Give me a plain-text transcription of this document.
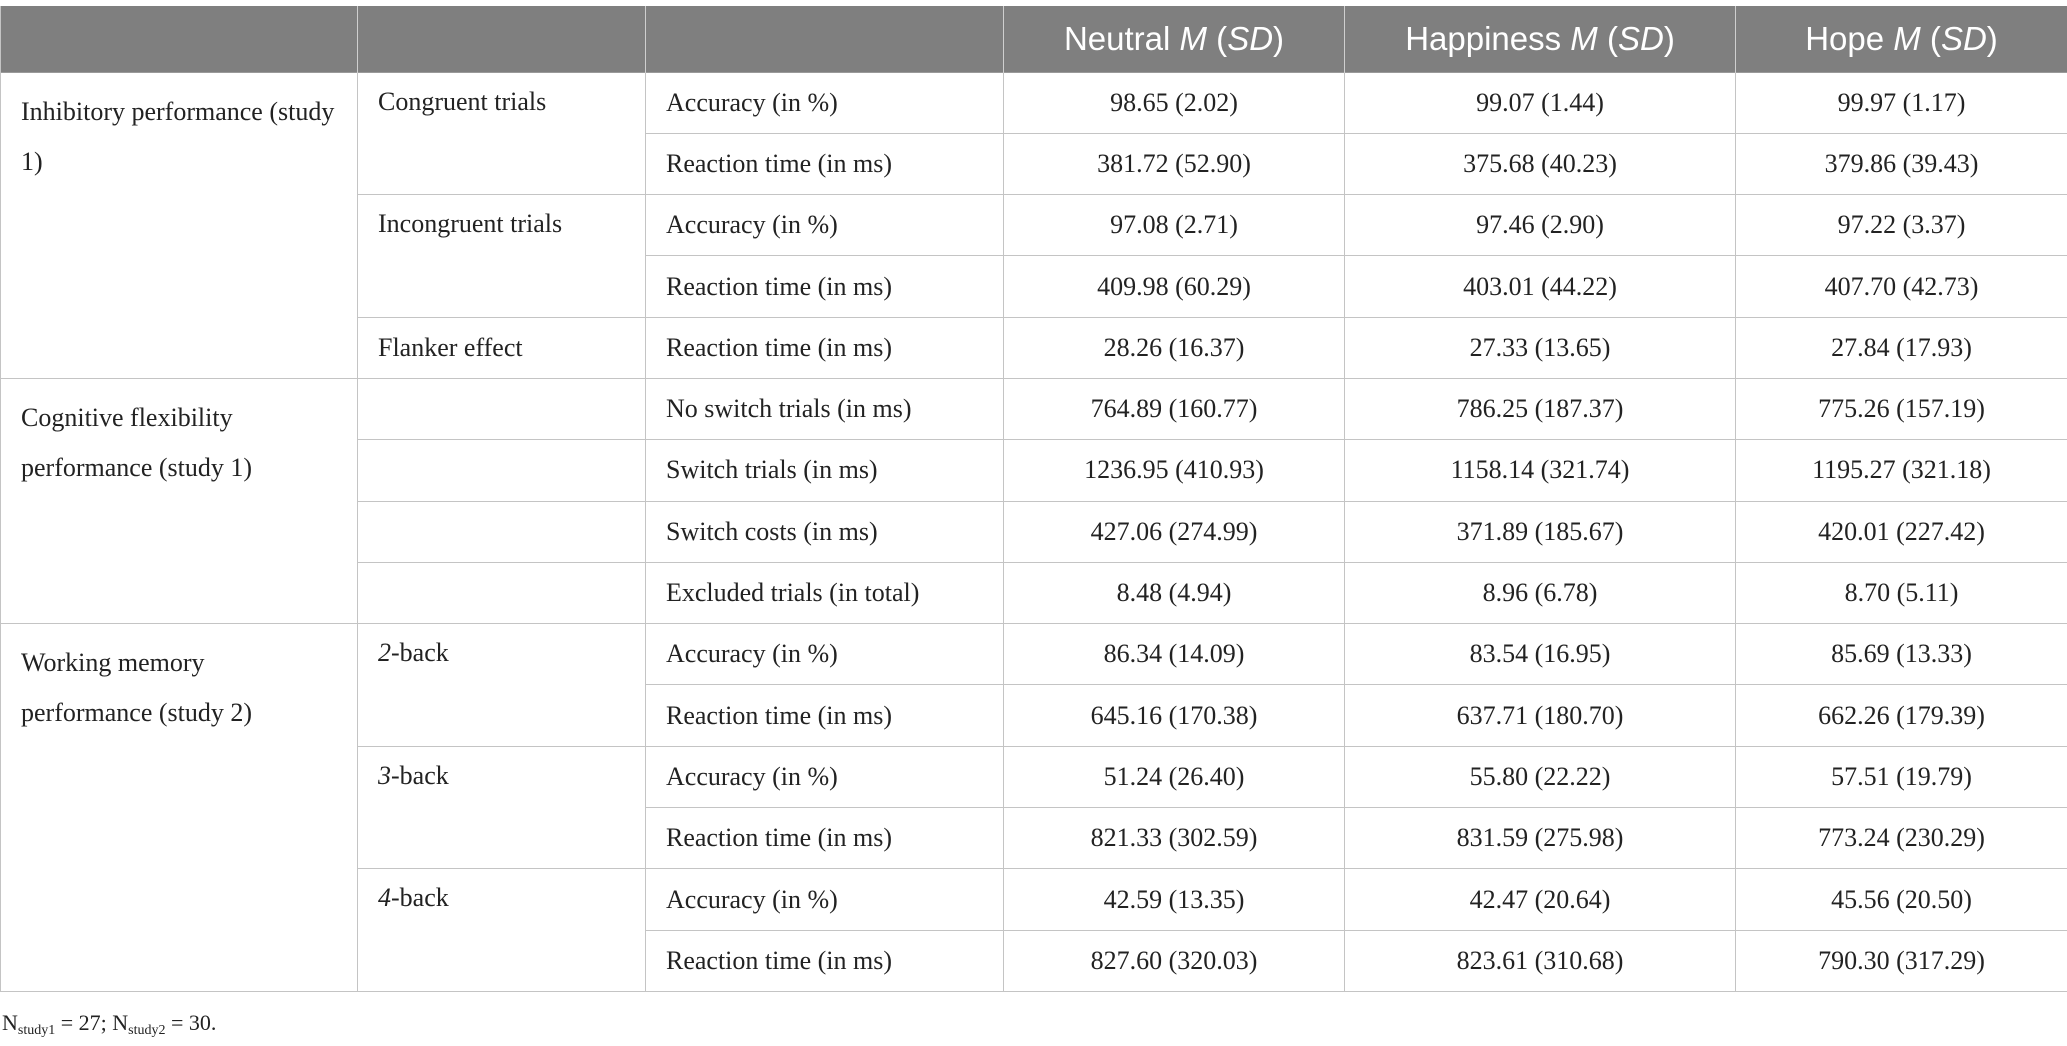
			Neutral M (SD)	Happiness M (SD)	Hope M (SD)
Inhibitory performance (study 1)	Congruent trials	Accuracy (in %)	98.65 (2.02)	99.07 (1.44)	99.97 (1.17)
		Reaction time (in ms)	381.72 (52.90)	375.68 (40.23)	379.86 (39.43)
	Incongruent trials	Accuracy (in %)	97.08 (2.71)	97.46 (2.90)	97.22 (3.37)
		Reaction time (in ms)	409.98 (60.29)	403.01 (44.22)	407.70 (42.73)
	Flanker effect	Reaction time (in ms)	28.26 (16.37)	27.33 (13.65)	27.84 (17.93)
Cognitive flexibility performance (study 1)		No switch trials (in ms)	764.89 (160.77)	786.25 (187.37)	775.26 (157.19)
		Switch trials (in ms)	1236.95 (410.93)	1158.14 (321.74)	1195.27 (321.18)
		Switch costs (in ms)	427.06 (274.99)	371.89 (185.67)	420.01 (227.42)
		Excluded trials (in total)	8.48 (4.94)	8.96 (6.78)	8.70 (5.11)
Working memory performance (study 2)	2-back	Accuracy (in %)	86.34 (14.09)	83.54 (16.95)	85.69 (13.33)
		Reaction time (in ms)	645.16 (170.38)	637.71 (180.70)	662.26 (179.39)
	3-back	Accuracy (in %)	51.24 (26.40)	55.80 (22.22)	57.51 (19.79)
		Reaction time (in ms)	821.33 (302.59)	831.59 (275.98)	773.24 (230.29)
	4-back	Accuracy (in %)	42.59 (13.35)	42.47 (20.64)	45.56 (20.50)
		Reaction time (in ms)	827.60 (320.03)	823.61 (310.68)	790.30 (317.29)
$N_{study1} = 27$; $N_{study2} = 30$.
